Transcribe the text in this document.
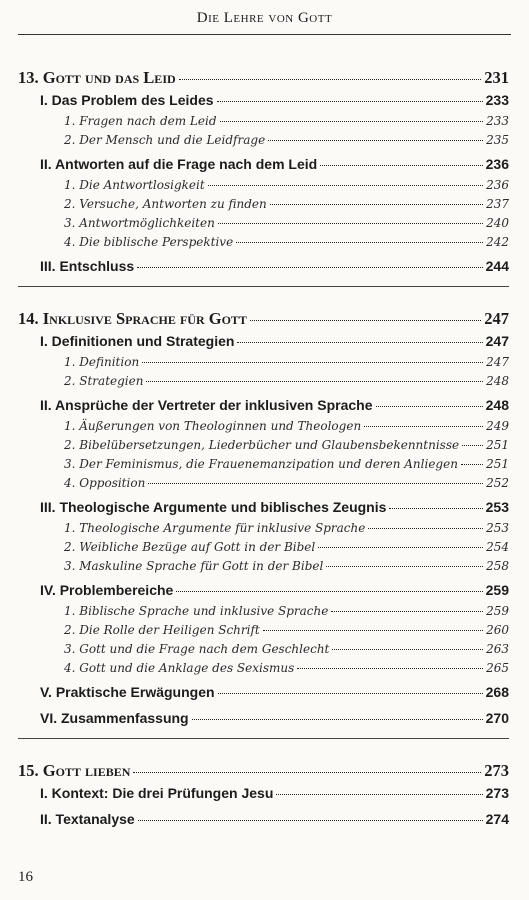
Die Lehre von Gott
13. Gott und das Leid	231
I. Das Problem des Leides	233
1. Fragen nach dem Leid	233
2. Der Mensch und die Leidfrage	235
II. Antworten auf die Frage nach dem Leid	236
1. Die Antwortlosigkeit	236
2. Versuche, Antworten zu finden	237
3. Antwortmöglichkeiten	240
4. Die biblische Perspektive	242
III. Entschluss	244
14. Inklusive Sprache für Gott	247
I. Definitionen und Strategien	247
1. Definition	247
2. Strategien	248
II. Ansprüche der Vertreter der inklusiven Sprache	248
1. Äußerungen von Theologinnen und Theologen	249
2. Bibelübersetzungen, Liederbücher und Glaubensbekenntnisse 251
3. Der Feminismus, die Frauenemanzipation und deren Anliegen 251
4. Opposition	252
III. Theologische Argumente und biblisches Zeugnis	253
1. Theologische Argumente für inklusive Sprache	253
2. Weibliche Bezüge auf Gott in der Bibel	254
3. Maskuline Sprache für Gott in der Bibel	258
IV. Problembereiche	259
1. Biblische Sprache und inklusive Sprache	259
2. Die Rolle der Heiligen Schrift	260
3. Gott und die Frage nach dem Geschlecht	263
4. Gott und die Anklage des Sexismus	265
V. Praktische Erwägungen	268
VI. Zusammenfassung	270
15. Gott lieben	273
I. Kontext: Die drei Prüfungen Jesu	273
II. Textanalyse	274
16
